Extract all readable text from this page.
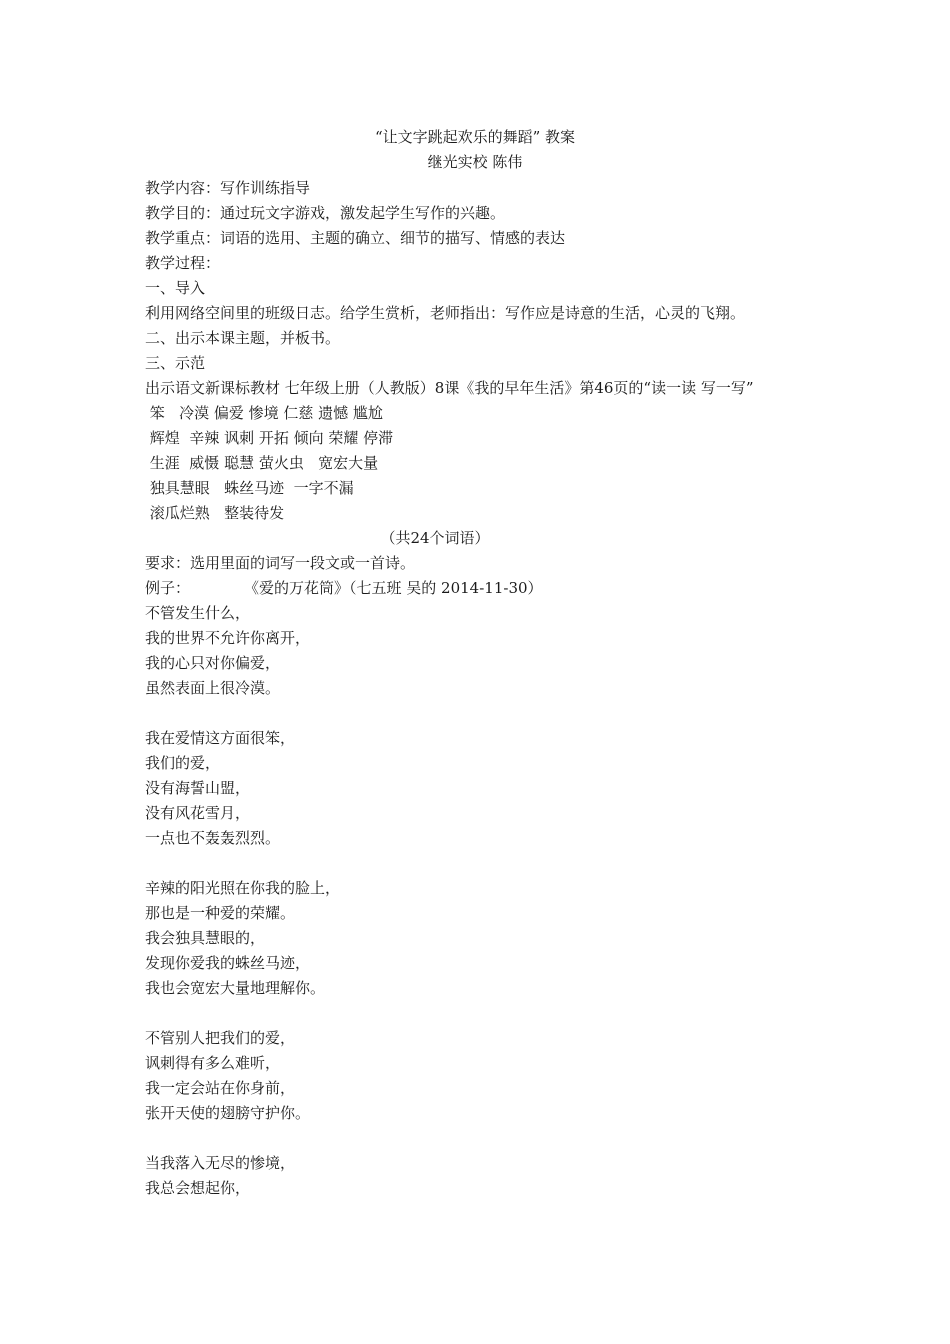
“让文字跳起欢乐的舞蹈” 教案
继光实校 陈伟
教学内容：写作训练指导
教学目的：通过玩文字游戏，激发起学生写作的兴趣。
教学重点：词语的选用、主题的确立、细节的描写、情感的表达
教学过程：
一、导入
利用网络空间里的班级日志。给学生赏析，老师指出：写作应是诗意的生活，心灵的飞翔。
二、出示本课主题，并板书。
三、示范
出示语文新课标教材 七年级上册（人教版）8课《我的早年生活》第46页的“读一读 写一写”
笨   冷漠 偏爱 惨境 仁慈 遗憾 尴尬
辉煌  辛辣 讽刺 开拓 倾向 荣耀 停滞
生涯  威慑 聪慧 萤火虫   宽宏大量
独具慧眼   蛛丝马迹  一字不漏
滚瓜烂熟   整装待发
（共24个词语）
要求：选用里面的词写一段文或一首诗。
例子：	《爱的万花筒》（七五班 吴的 2014-11-30）
不管发生什么，
我的世界不允许你离开，
我的心只对你偏爱，
虽然表面上很冷漠。
我在爱情这方面很笨，
我们的爱，
没有海誓山盟，
没有风花雪月，
一点也不轰轰烈烈。
辛辣的阳光照在你我的脸上，
那也是一种爱的荣耀。
我会独具慧眼的，
发现你爱我的蛛丝马迹，
我也会宽宏大量地理解你。
不管别人把我们的爱，
讽刺得有多么难听，
我一定会站在你身前，
张开天使的翅膀守护你。
当我落入无尽的惨境，
我总会想起你，
